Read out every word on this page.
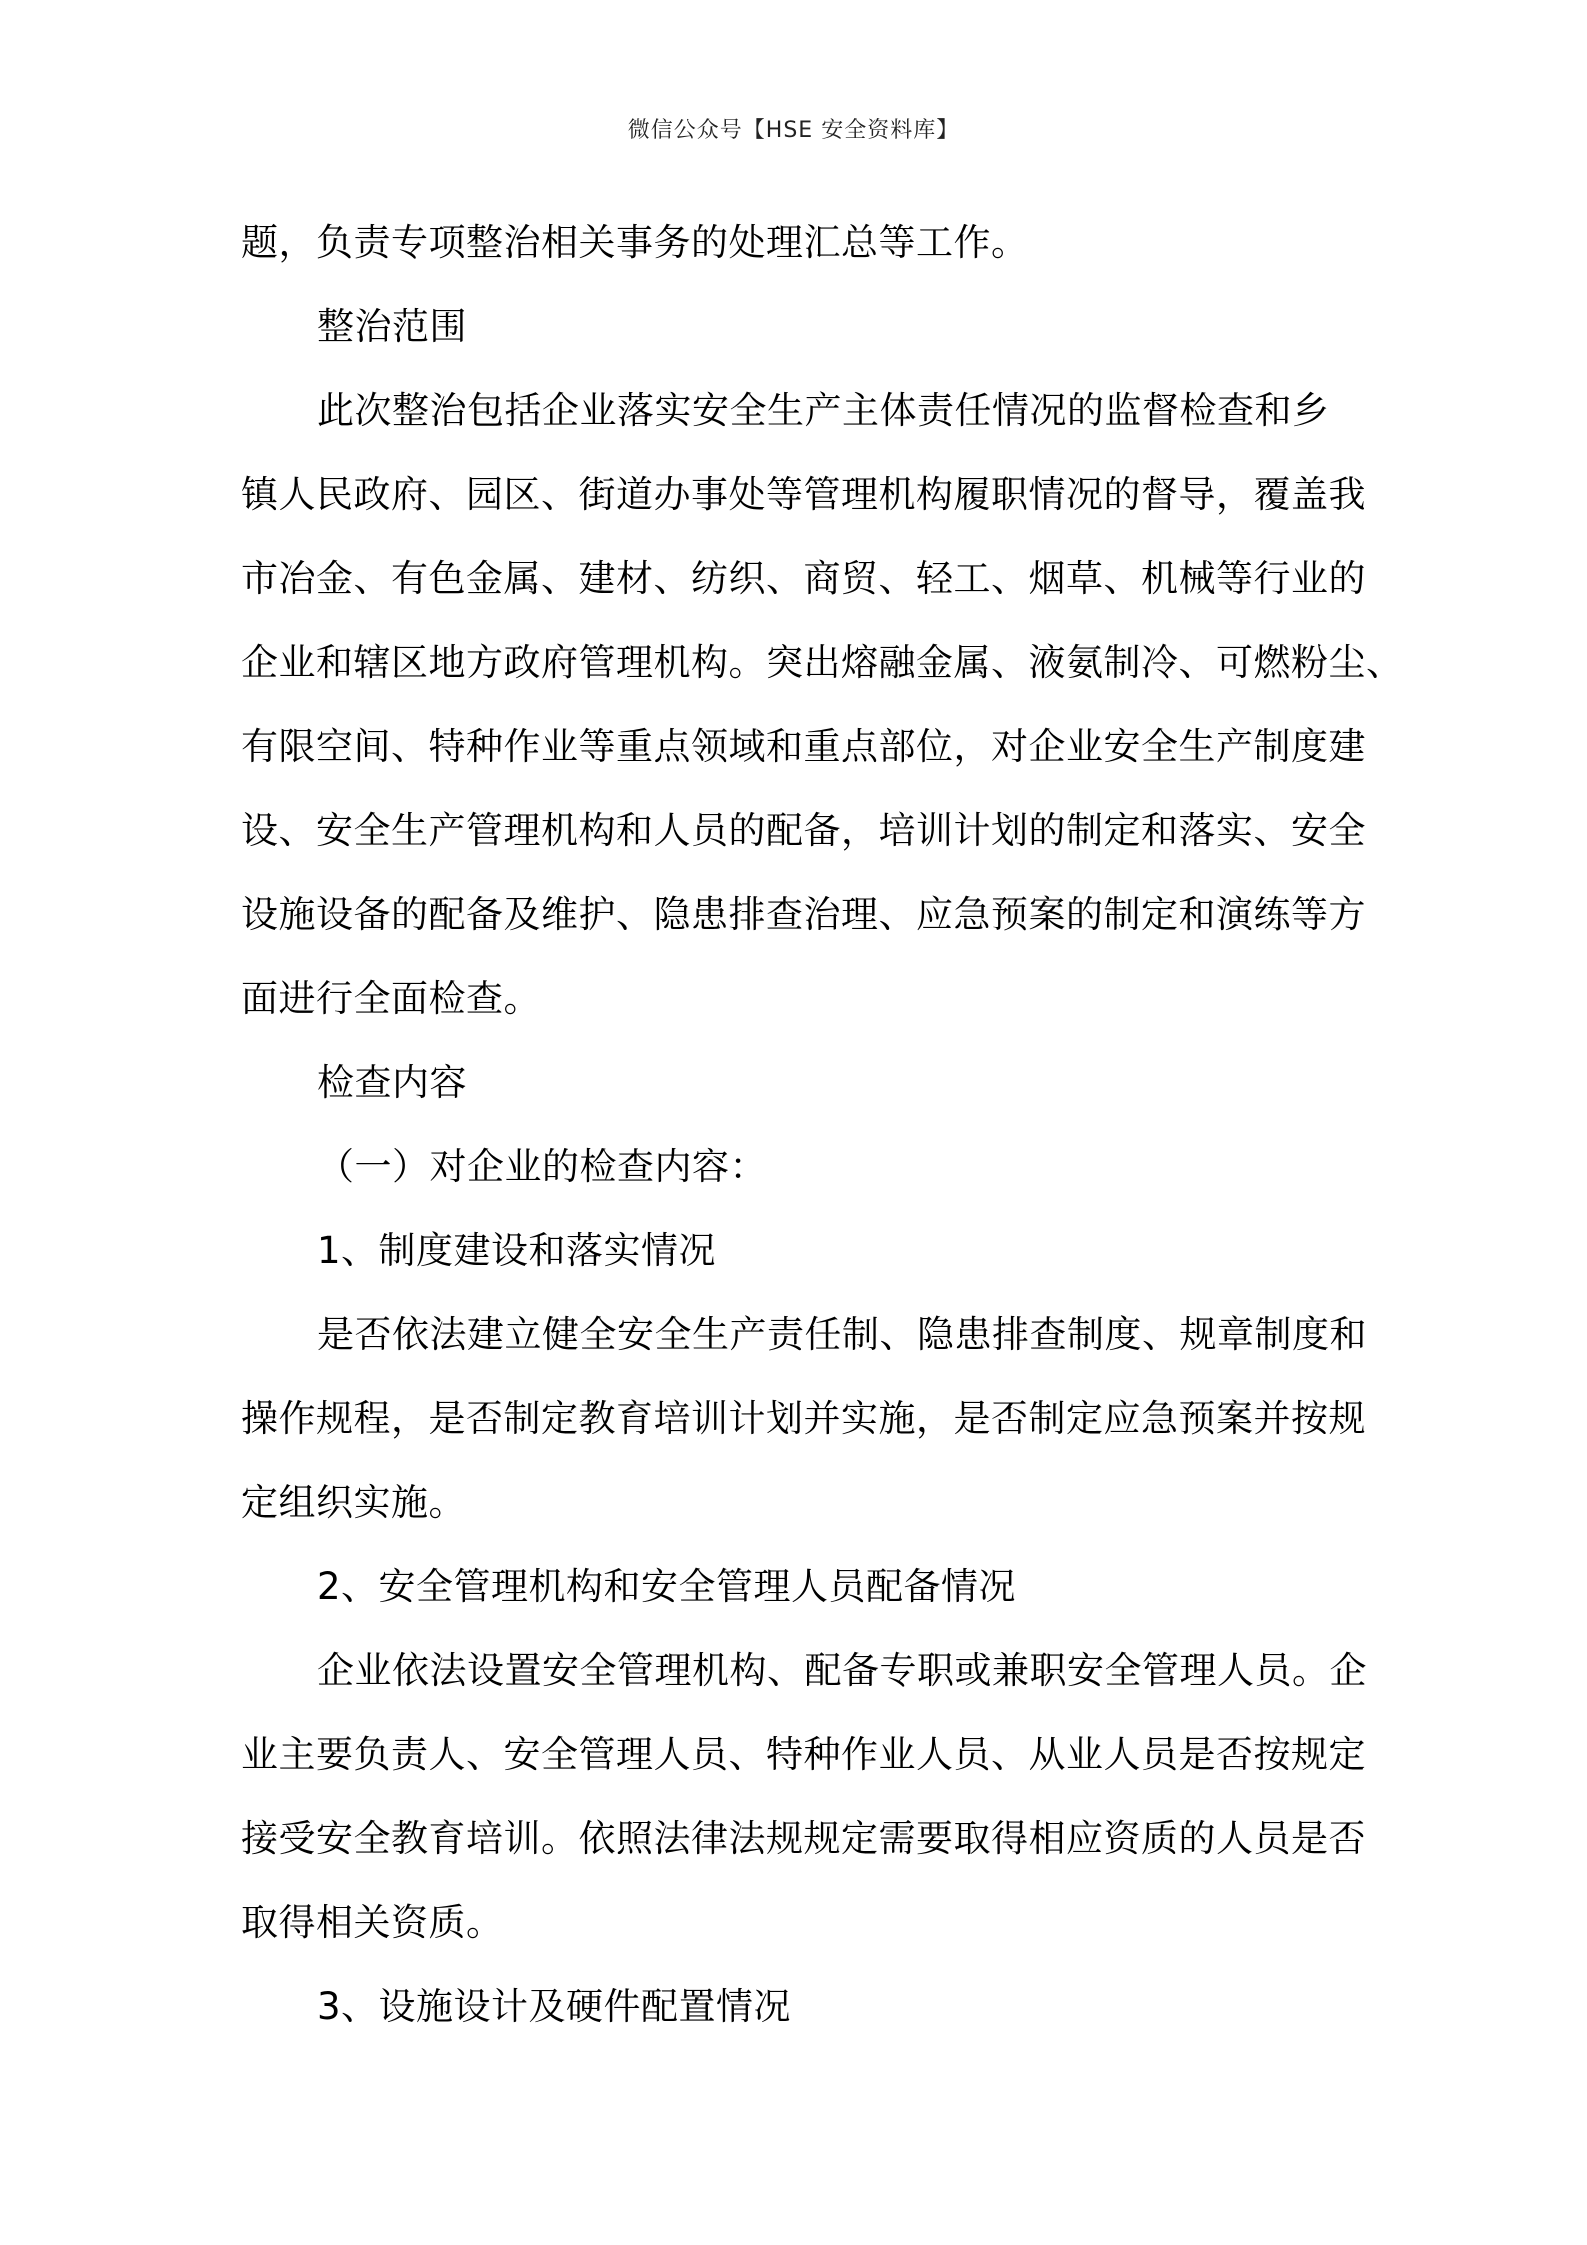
微信公众号【HSE 安全资料库】
题，负责专项整治相关事务的处理汇总等工作。
整治范围
此次整治包括企业落实安全生产主体责任情况的监督检查和乡
镇人民政府、园区、街道办事处等管理机构履职情况的督导，覆盖我
市冶金、有色金属、建材、纺织、商贸、轻工、烟草、机械等行业的
企业和辖区地方政府管理机构。突出熔融金属、液氨制冷、可燃粉尘、
有限空间、特种作业等重点领域和重点部位，对企业安全生产制度建
设、安全生产管理机构和人员的配备，培训计划的制定和落实、安全
设施设备的配备及维护、隐患排查治理、应急预案的制定和演练等方
面进行全面检查。
检查内容
（一）对企业的检查内容：
1、制度建设和落实情况
是否依法建立健全安全生产责任制、隐患排查制度、规章制度和
操作规程，是否制定教育培训计划并实施，是否制定应急预案并按规
定组织实施。
2、安全管理机构和安全管理人员配备情况
企业依法设置安全管理机构、配备专职或兼职安全管理人员。企
业主要负责人、安全管理人员、特种作业人员、从业人员是否按规定
接受安全教育培训。依照法律法规规定需要取得相应资质的人员是否
取得相关资质。
3、设施设计及硬件配置情况
